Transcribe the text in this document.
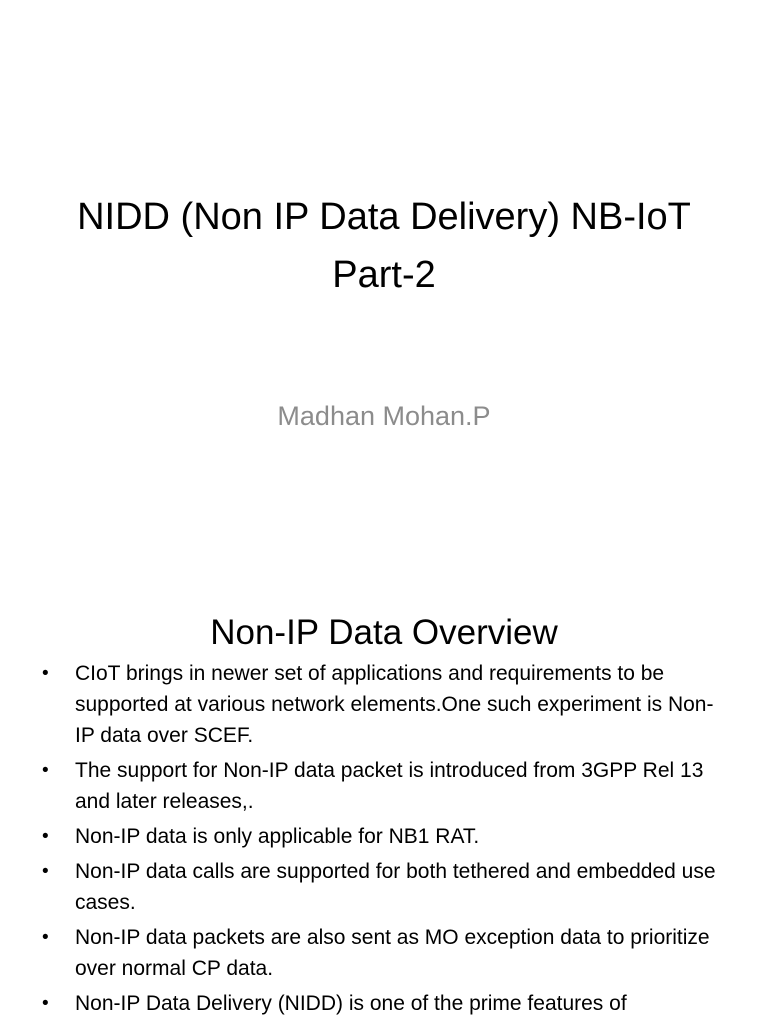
NIDD (Non IP Data Delivery) NB-IoT Part-2

Madhan Mohan.P

Non-IP Data Overview
• CIoT brings in newer set of applications and requirements to be supported at various network elements.One such experiment is Non-IP data over SCEF.
• The support for Non-IP data packet is introduced from 3GPP Rel 13 and later releases,.
• Non-IP data is only applicable for NB1 RAT.
• Non-IP data calls are supported for both tethered and embedded use cases.
• Non-IP data packets are also sent as MO exception data to prioritize over normal CP data.
• Non-IP Data Delivery (NIDD) is one of the prime features of
